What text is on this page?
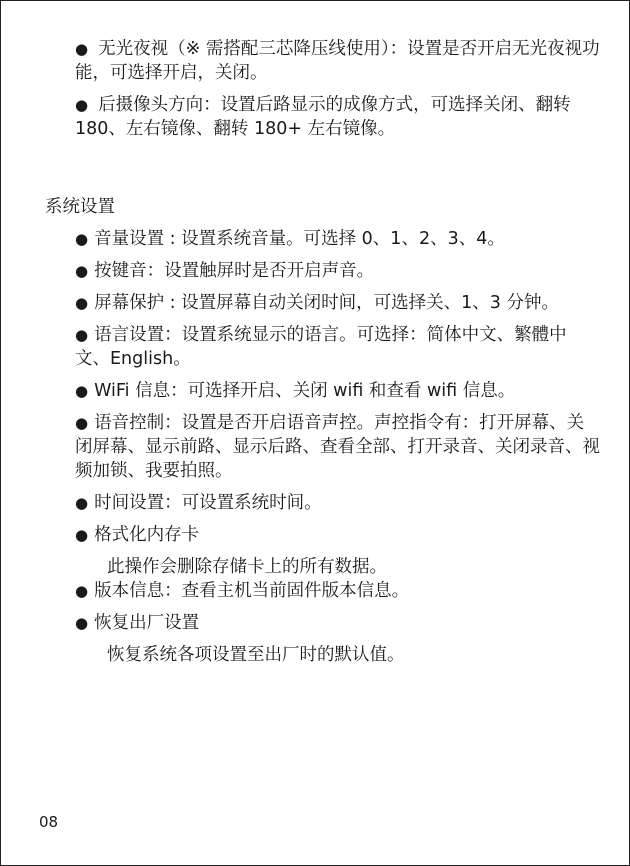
● 无光夜视（※ 需搭配三芯降压线使用）：设置是否开启无光夜视功能，可选择开启，关闭。

● 后摄像头方向：设置后路显示的成像方式，可选择关闭、翻转 180、左右镜像、翻转 180+ 左右镜像。

系统设置

● 音量设置 : 设置系统音量。可选择 0、1、2、3、4。

● 按键音：设置触屏时是否开启声音。

● 屏幕保护 : 设置屏幕自动关闭时间，可选择关、1、3 分钟。

● 语言设置：设置系统显示的语言。可选择：简体中文、繁體中文、English。

● WiFi 信息：可选择开启、关闭 wifi 和查看 wifi 信息。

● 语音控制：设置是否开启语音声控。声控指令有：打开屏幕、关闭屏幕、显示前路、显示后路、查看全部、打开录音、关闭录音、视频加锁、我要拍照。

● 时间设置：可设置系统时间。

● 格式化内存卡

此操作会删除存储卡上的所有数据。

● 版本信息：查看主机当前固件版本信息。

● 恢复出厂设置

恢复系统各项设置至出厂时的默认值。
08
